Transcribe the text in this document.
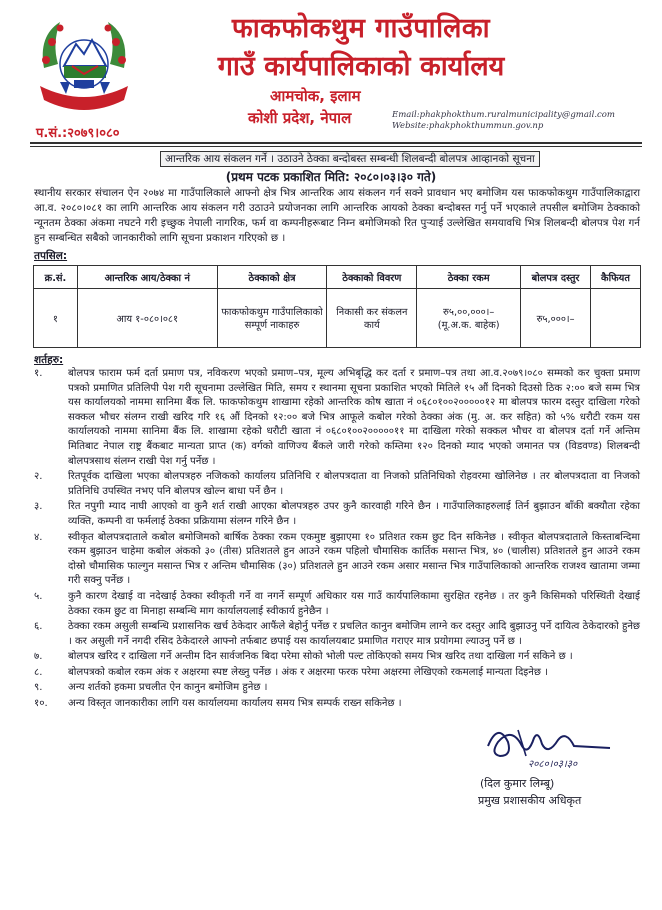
फाकफोकथुम गाउँपालिका
गाउँ कार्यपालिकाको कार्यालय
आमचोक, इलाम
कोशी प्रदेश, नेपाल	Email:phakphokthum.ruralmunicipality@gmail.com
Website:phakphokthummun.gov.np
प.सं.:२०७९।०८०
आन्तरिक आय संकलन गर्ने । उठाउने ठेक्का बन्दोबस्त सम्बन्धी शिलबन्दी बोलपत्र आव्हानको सूचना
(प्रथम पटक प्रकाशित मिति: २०८०।०३।३० गते)
स्थानीय सरकार संचालन ऐन २०७४ मा गाउँपालिकाले आफ्नो क्षेत्र भित्र आन्तरिक आय संकलन गर्न सक्ने प्रावधान भए बमोजिम यस फाकफोकथुम गाउँपालिकाद्वारा आ.व. २०८०।०८१ का लागि आन्तरिक आय संकलन गरी उठाउने प्रयोजनका लागि आन्तरिक आयको ठेक्का बन्दोबस्त गर्नु पर्ने भएकाले तपसील बमोजिम ठेक्काको न्यूनतम ठेक्का अंकमा नघटने गरी इच्छुक नेपाली नागरिक, फर्म वा कम्पनीहरूबाट निम्न बमोजिमको रित पुऱ्याई उल्लेखित समयावधि भित्र शिलबन्दी बोलपत्र पेश गर्न हुन सम्बन्धित सबैको जानकारीको लागि सूचना प्रकाशन गरिएको छ ।
तपसिल:
क्र.सं.	आन्तरिक आय/ठेक्का नं	ठेक्काको क्षेत्र	ठेक्काको विवरण	ठेक्का रकम	बोलपत्र दस्तुर	कैफियत
१	आय १-०८०।०८१	फाकफोकथुम गाउँपालिकाको सम्पूर्ण नाकाहरु	निकासी कर संकलन कार्य	रु५,००,०००।–
(मू.अ.क. बाहेक)	रु५,०००।–	
शर्तहरु:
१.	बोलपत्र फाराम फर्म दर्ता प्रमाण पत्र, नविकरण भएको प्रमाण–पत्र, मूल्य अभिबृद्धि कर दर्ता र प्रमाण–पत्र तथा आ.व.२०७९।०८० सम्मको कर चुक्ता प्रमाण पत्रको प्रमाणित प्रतिलिपी पेश गरी सूचनामा उल्लेखित मिति, समय र स्थानमा सूचना प्रकाशित भएको मितिले १५ औं दिनको दिउसो ठिक २:०० बजे सम्म भित्र यस कार्यालयको नाममा सानिमा बैंक लि. फाकफोकथुम शाखामा रहेको आन्तरिक कोष खाता नं ०६८०१००२०००००१२ मा बोलपत्र फारम दस्तुर दाखिला गरेको सक्कल भौचर संलग्न राखी खरिद गरि १६ औं दिनको १२:०० बजे भित्र आफूले कबोल गरेको ठेक्का अंक (मु. अ. कर सहित) को ५% धरौटी रकम यस कार्यालयको नाममा सानिमा बैंक लि. शाखामा रहेको धरौटी खाता नं ०६८०१००२०००००११ मा दाखिला गरेको सक्कल भौचर वा बोलपत्र दर्ता गर्ने अन्तिम मितिबाट नेपाल राष्ट्र बैंकबाट मान्यता प्राप्त (क) वर्गको वाणिज्य बैंकले जारी गरेको कम्तिमा १२० दिनको म्याद भएको जमानत पत्र (विडवण्ड) शिलबन्दी बोलपत्रसाथ संलग्न राखी पेश गर्नु पर्नेछ ।
२.	रितपूर्वक दाखिला भएका बोलपत्रहरु नजिकको कार्यालय प्रतिनिधि र बोलपत्रदाता वा निजको प्रतिनिधिको रोहवरमा खोलिनेछ । तर बोलपत्रदाता वा निजको प्रतिनिधि उपस्थित नभए पनि बोलपत्र खोल्न बाधा पर्ने छैन ।
३.	रित नपुगी म्याद नाघी आएको वा कुनै शर्त राखी आएका बोलपत्रहरु उपर कुनै कारवाही गरिने छैन । गाउँपालिकाहरुलाई तिर्न बुझाउन बाँकी बक्यौता रहेका व्यक्ति, कम्पनी वा फर्मलाई ठेक्का प्रक्रियामा संलग्न गरिने छैन ।
४.	स्वीकृत बोलपत्रदाताले कबोल बमोजिमको बार्षिक ठेक्का रकम एकमुष्ट बुझाएमा १० प्रतिशत रकम छुट दिन सकिनेछ । स्वीकृत बोलपत्रदाताले किस्ताबन्दिमा रकम बुझाउन चाहेमा कबोल अंकको ३० (तीस) प्रतिशतले हुन आउने रकम पहिलो चौमासिक कार्तिक मसान्त भित्र, ४० (चालीस) प्रतिशतले हुन आउने रकम दोस्रो चौमासिक फाल्गुन मसान्त भित्र र अन्तिम चौमासिक (३०) प्रतिशतले हुन आउने रकम असार मसान्त भित्र गाउँपालिकाको आन्तरिक राजश्व खातामा जम्मा गरी सक्नु पर्नेछ ।
५.	कुनै कारण देखाई वा नदेखाई ठेक्का स्वीकृती गर्ने वा नगर्ने सम्पूर्ण अधिकार यस गाउँ कार्यपालिकामा सुरक्षित रहनेछ । तर कुनै किसिमको परिस्थिती देखाई ठेक्का रकम छुट वा मिनाहा सम्बन्धि माग कार्यालयलाई स्वीकार्य हुनेछैन ।
६.	ठेक्का रकम असुली सम्बन्धि प्रशासनिक खर्च ठेकेदार आफैंले बेहोर्नु पर्नेछ र प्रचलित कानुन बमोजिम लाग्ने कर दस्तुर आदि बुझाउनु पर्ने दायित्व ठेकेदारको हुनेछ । कर असुली गर्ने नगदी रसिद ठेकेदारले आफ्नो तर्फबाट छपाई यस कार्यालयबाट प्रमाणित गराएर मात्र प्रयोगमा ल्याउनु पर्ने छ ।
७.	बोलपत्र खरिद र दाखिला गर्ने अन्तीम दिन सार्वजनिक बिदा परेमा सोको भोली पल्ट तोकिएको समय भित्र खरिद तथा दाखिला गर्न सकिने छ ।
८.	बोलपत्रको कबोल रकम अंक र अक्षरमा स्पष्ट लेख्नु पर्नेछ । अंक र अक्षरमा फरक परेमा अक्षरमा लेखिएको रकमलाई मान्यता दिइनेछ ।
९.	अन्य शर्तको हकमा प्रचलीत ऐन कानुन बमोजिम हुनेछ ।
१०.	अन्य विस्तृत जानकारीका लागि यस कार्यालयमा कार्यालय समय भित्र सम्पर्क राख्न सकिनेछ ।
२०८०।०३।३०
(दिल कुमार लिम्बू)
प्रमुख प्रशासकीय अधिकृत
